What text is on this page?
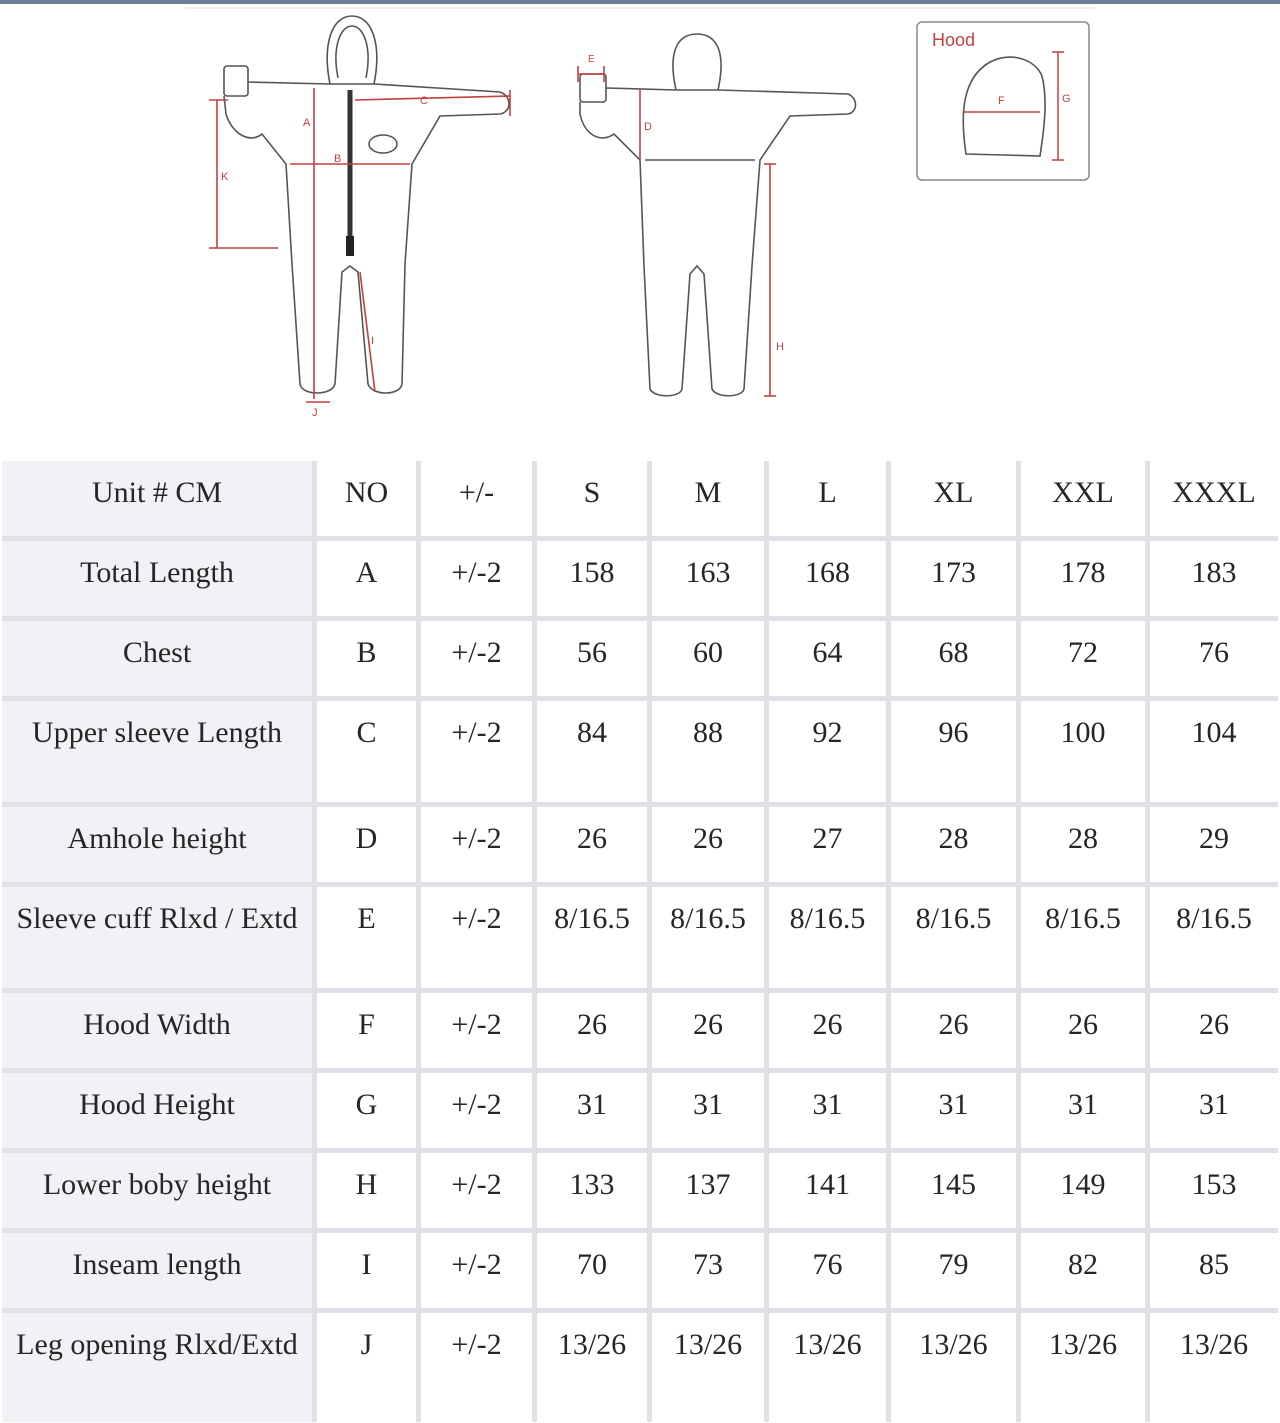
A
B
C
K
I
J
D
E
H
Hood
F	G
Unit # CM	NO	+/-	S	M	L	XL	XXL	XXXL
Total Length	A	+/-2	158	163	168	173	178	183
Chest	B	+/-2	56	60	64	68	72	76
Upper sleeve Length	C	+/-2	84	88	92	96	100	104
Amhole height	D	+/-2	26	26	27	28	28	29
Sleeve cuff Rlxd / Extd	E	+/-2	8/16.5	8/16.5	8/16.5	8/16.5	8/16.5	8/16.5
Hood Width	F	+/-2	26	26	26	26	26	26
Hood Height	G	+/-2	31	31	31	31	31	31
Lower boby height	H	+/-2	133	137	141	145	149	153
Inseam length	I	+/-2	70	73	76	79	82	85
Leg opening Rlxd/Extd	J	+/-2	13/26	13/26	13/26	13/26	13/26	13/26
